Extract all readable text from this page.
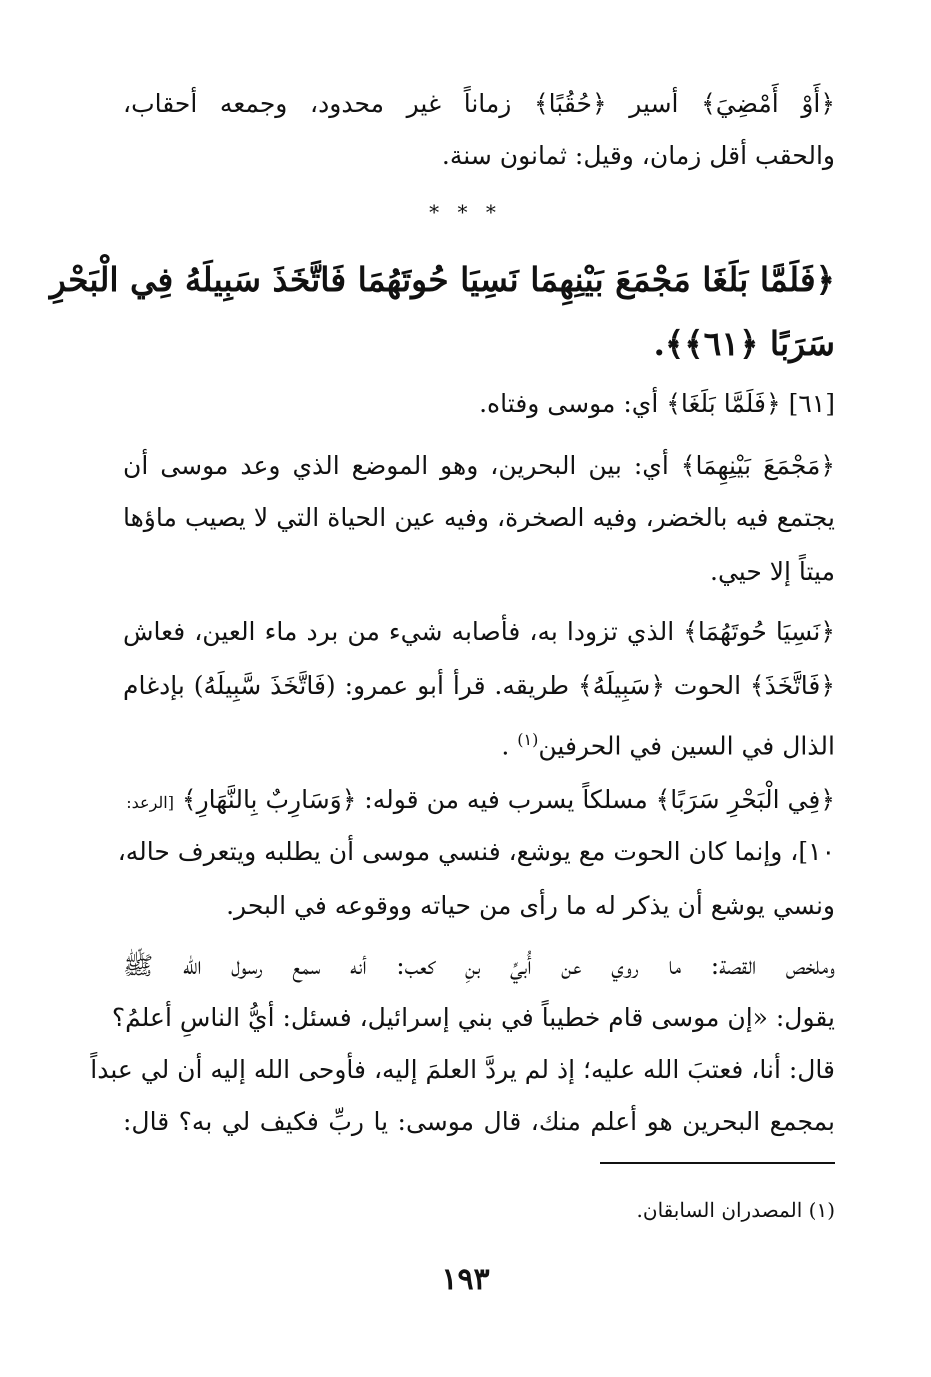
﴿أَوْ أَمْضِيَ﴾ أسير ﴿حُقُبًا﴾ زماناً غير محدود، وجمعه أحقاب،
والحقب أقل زمان، وقيل: ثمانون سنة.
* * *
﴿فَلَمَّا بَلَغَا مَجْمَعَ بَيْنِهِمَا نَسِيَا حُوتَهُمَا فَاتَّخَذَ سَبِيلَهُ فِي الْبَحْرِ
سَرَبًا ﴿٦١﴾﴾.
[٦١] ﴿فَلَمَّا بَلَغَا﴾ أي: موسى وفتاه.
﴿مَجْمَعَ بَيْنِهِمَا﴾ أي: بين البحرين، وهو الموضع الذي وعد موسى أن
يجتمع فيه بالخضر، وفيه الصخرة، وفيه عين الحياة التي لا يصيب ماؤها
ميتاً إلا حيي.
﴿نَسِيَا حُوتَهُمَا﴾ الذي تزودا به، فأصابه شيء من برد ماء العين، فعاش
﴿فَاتَّخَذَ﴾ الحوت ﴿سَبِيلَهُ﴾ طريقه. قرأ أبو عمرو: (فَاتَّخَذَ سَّبِيلَهُ) بإدغام
الذال في السين في الحرفين$^{(١)}$ .
﴿فِي الْبَحْرِ سَرَبًا﴾ مسلكاً يسرب فيه من قوله: ﴿وَسَارِبٌ بِالنَّهَارِ﴾ [الرعد:
١٠]، وإنما كان الحوت مع يوشع، فنسي موسى أن يطلبه ويتعرف حاله،
ونسي يوشع أن يذكر له ما رأى من حياته ووقوعه في البحر.
وملخص القصة: ما روي عن أُبيِّ بنِ كعب: أنه سمع رسول الله ﷺ
يقول: «إن موسى قام خطيباً في بني إسرائيل، فسئل: أيُّ الناسِ أعلمُ؟
قال: أنا، فعتبَ الله عليه؛ إذ لم يردَّ العلمَ إليه، فأوحى الله إليه أن لي عبداً
بمجمع البحرين هو أعلم منك، قال موسى: يا ربِّ فكيف لي به؟ قال:
(١) المصدران السابقان.
١٩٣
